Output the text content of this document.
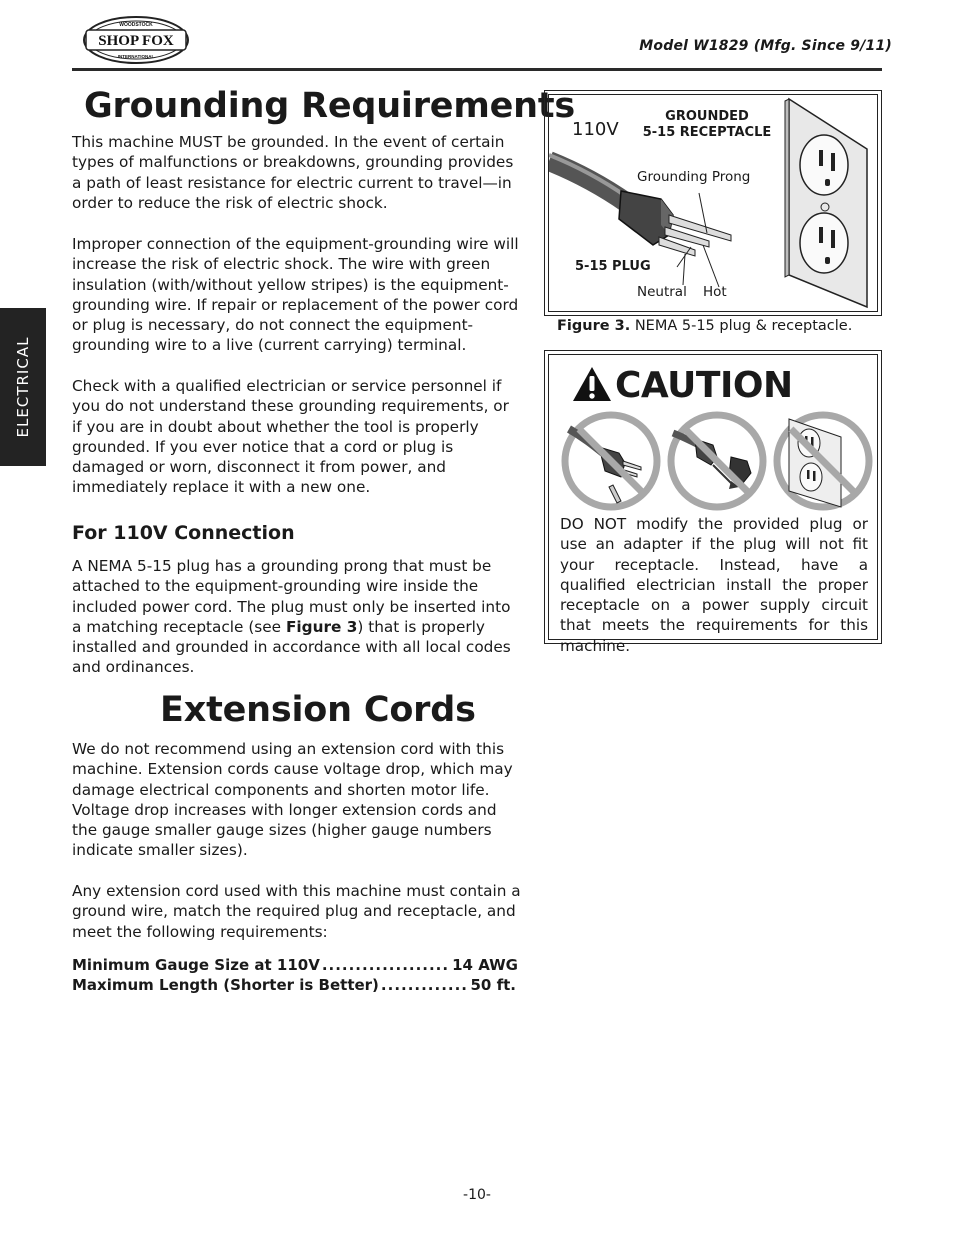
SHOP FOX
WOODSTOCK
INTERNATIONAL
Model W1829 (Mfg. Since 9/11)
ELECTRICAL
Grounding Requirements

This machine MUST be grounded. In the event of certain types of malfunctions or breakdowns, grounding provides a path of least resistance for electric current to travel—in order to reduce the risk of electric shock.

Improper connection of the equipment-grounding wire will increase the risk of electric shock. The wire with green insulation (with/without yellow stripes) is the equipment-grounding wire. If repair or replacement of the power cord or plug is necessary, do not connect the equipment-grounding wire to a live (current carrying) terminal.

Check with a qualified electrician or service personnel if you do not understand these grounding requirements, or if you are in doubt about whether the tool is properly grounded. If you ever notice that a cord or plug is damaged or worn, disconnect it from power, and immediately replace it with a new one.

For 110V Connection

A NEMA 5-15 plug has a grounding prong that must be attached to the equipment-grounding wire inside the included power cord. The plug must only be inserted into a matching receptacle (see Figure 3) that is properly installed and grounded in accordance with all local codes and ordinances.

Extension Cords

We do not recommend using an extension cord with this machine. Extension cords cause voltage drop, which may damage electrical components and shorten motor life. Voltage drop increases with longer extension cords and the gauge smaller gauge sizes (higher gauge numbers indicate smaller sizes).

Any extension cord used with this machine must contain a ground wire, match the required plug and receptacle, and meet the following requirements:

Minimum Gauge Size at 110V .....	14 AWG
Maximum Length (Shorter is Better) .....	50 ft.
110V
GROUNDED
5-15 RECEPTACLE
Grounding Prong
5-15 PLUG
Neutral Hot
Figure 3. NEMA 5-15 plug & receptacle.
CAUTION

DO NOT modify the provided plug or use an adapter if the plug will not fit your receptacle. Instead, have a qualified electrician install the proper receptacle on a power supply circuit that meets the requirements for this machine.

-10-
